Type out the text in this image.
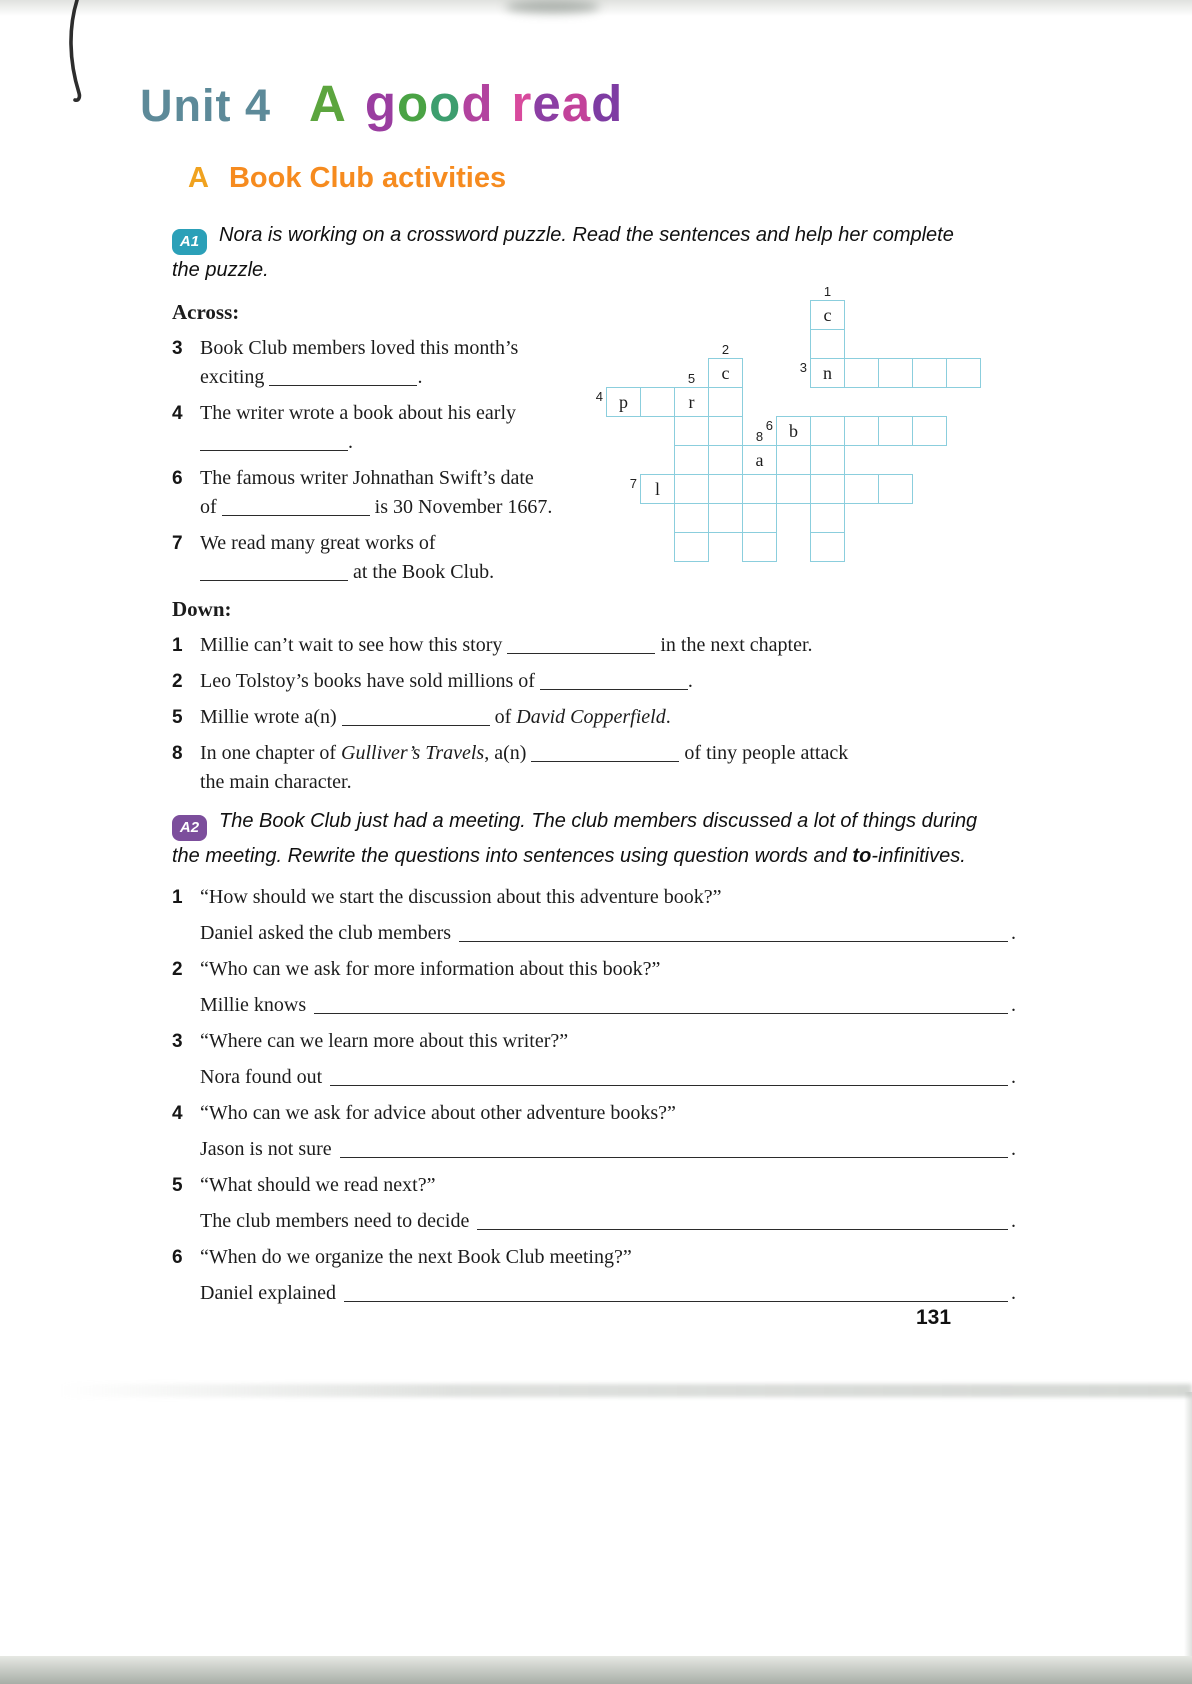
Unit 4 A good read
A Book Club activities

A1 Nora is working on a crossword puzzle. Read the sentences and help her complete
the puzzle.

Across:
3 Book Club members loved this month’s
exciting	.
4 The writer wrote a book about his early
.
6 The famous writer Johnathan Swift’s date
of	is 30 November 1667.
7 We read many great works of
at the Book Club.
Down:
1 Millie can’t wait to see how this story	in the next chapter.
2 Leo Tolstoy’s books have sold millions of	.
5 Millie wrote a(n)	of David Copperfield.
8 In one chapter of Gulliver’s Travels, a(n)	of tiny people attack
the main character.
c
1
c
2
n
3
p
4	r
5
b
6
a
8
l
7

A2 The Book Club just had a meeting. The club members discussed a lot of things during
the meeting. Rewrite the questions into sentences using question words and to-infinitives.

1 “How should we start the discussion about this adventure book?”
Daniel asked the club members	.
2 “Who can we ask for more information about this book?”
Millie knows	.
3 “Where can we learn more about this writer?”
Nora found out	.
4 “Who can we ask for advice about other adventure books?”
Jason is not sure	.
5 “What should we read next?”
The club members need to decide	.
6 “When do we organize the next Book Club meeting?”
Daniel explained	.
131
